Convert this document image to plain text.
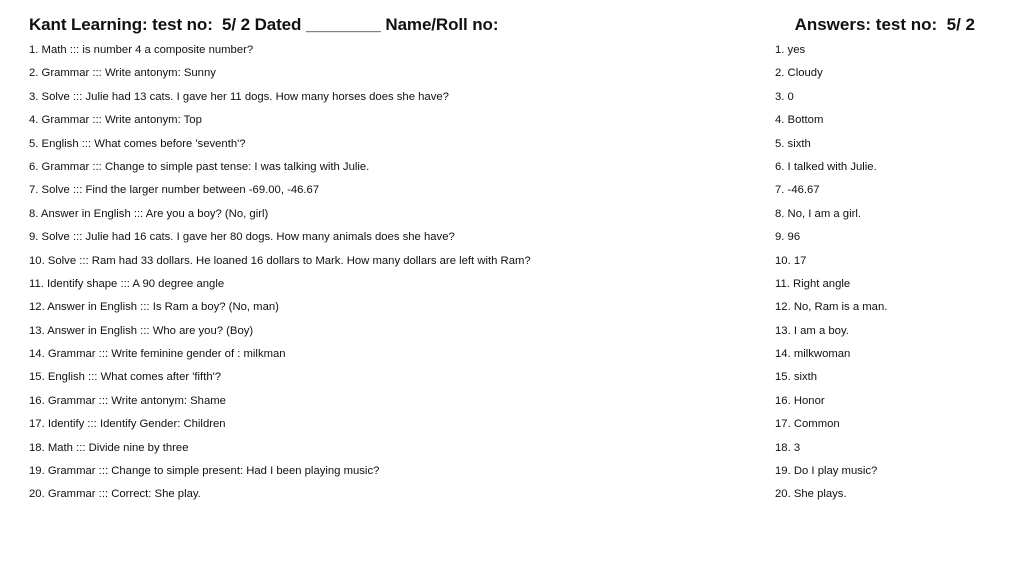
Kant Learning: test no:  5/ 2 Dated ________ Name/Roll no:	Answers: test no:  5/ 2
1. Math ::: is number 4 a composite number?
2. Grammar ::: Write antonym: Sunny
3. Solve ::: Julie had 13 cats. I gave her 11 dogs. How many horses does she have?
4. Grammar ::: Write antonym: Top
5. English ::: What comes before 'seventh'?
6. Grammar ::: Change to simple past tense: I was talking with Julie.
7. Solve ::: Find the larger number between -69.00, -46.67
8. Answer in English ::: Are you a boy? (No, girl)
9. Solve ::: Julie had 16 cats. I gave her 80 dogs. How many animals does she have?
10. Solve ::: Ram had 33 dollars. He loaned 16 dollars to Mark. How many dollars are left with Ram?
11. Identify shape ::: A 90 degree angle
12. Answer in English ::: Is Ram a boy? (No, man)
13. Answer in English ::: Who are you? (Boy)
14. Grammar ::: Write feminine gender of : milkman
15. English ::: What comes after 'fifth'?
16. Grammar ::: Write antonym: Shame
17. Identify ::: Identify Gender: Children
18. Math ::: Divide nine by three
19. Grammar ::: Change to simple present: Had I been playing music?
20. Grammar ::: Correct: She play.
1. yes
2. Cloudy
3. 0
4. Bottom
5. sixth
6. I talked with Julie.
7. -46.67
8. No, I am a girl.
9. 96
10. 17
11. Right angle
12. No, Ram is a man.
13. I am a boy.
14. milkwoman
15. sixth
16. Honor
17. Common
18. 3
19. Do I play music?
20. She plays.
